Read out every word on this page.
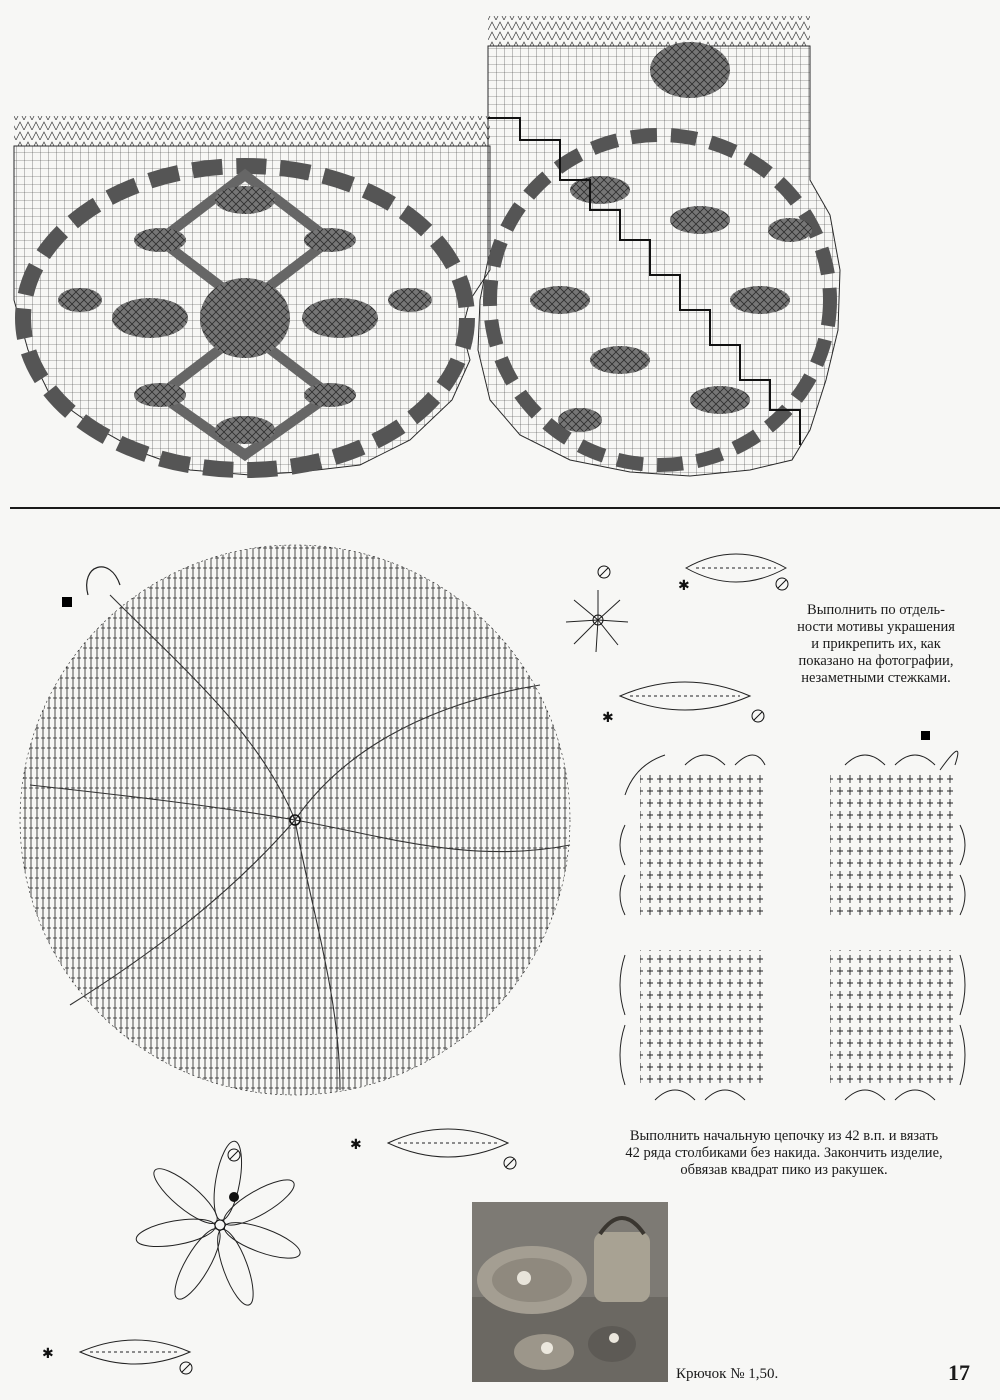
✱
✱
Выполнить по отдель-
ности мотивы украшения
и прикрепить их, как
показано на фотографии,
незаметными стежками.
Выполнить начальную цепочку из 42 в.п. и вязать
42 ряда столбиками без накида. Закончить изделие,
обвязав квадрат пико из ракушек.
✱
✱
Крючок № 1,50.	17
